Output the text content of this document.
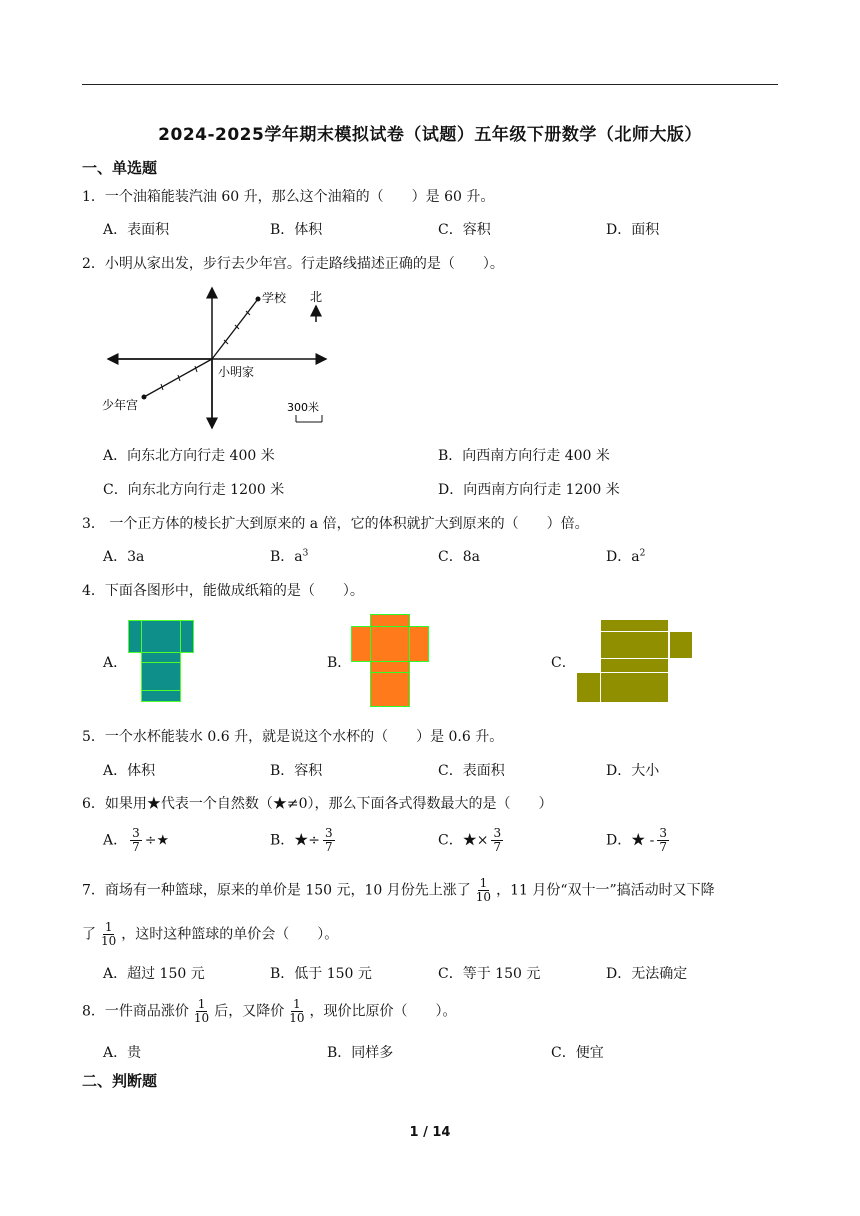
2024-2025学年期末模拟试卷（试题）五年级下册数学（北师大版）
一、单选题
1．一个油箱能装汽油 60 升，那么这个油箱的（　　）是 60 升。
A．表面积	B．体积	C．容积	D．面积
2．小明从家出发，步行去少年宫。行走路线描述正确的是（　　）。
学校 北
小明家
少年宫	300米
A．向东北方向行走 400 米	B．向西南方向行走 400 米
C．向东北方向行走 1200 米	D．向西南方向行走 1200 米
3． 一个正方体的棱长扩大到原来的 a 倍，它的体积就扩大到原来的（　　）倍。
A．3a	B．$a^3$	C．8a	D．$a^2$
4．下面各图形中，能做成纸箱的是（　　）。
A．	B．	C．
5．一个水杯能装水 0.6 升，就是说这个水杯的（　　）是 0.6 升。
A．体积	B．容积	C．表面积	D．大小
6．如果用★代表一个自然数（★≠0），那么下面各式得数最大的是（　　）
A． $\frac{3}{7}$ ÷★	B．★÷ $\frac{3}{7}$	C．★× $\frac{3}{7}$	D．★ - $\frac{3}{7}$
7．商场有一种篮球，原来的单价是 150 元，10 月份先上涨了 $\frac{1}{10}$ ，11 月份“双十一”搞活动时又下降
了 $\frac{1}{10}$ ，这时这种篮球的单价会（　　）。
A．超过 150 元	B．低于 150 元	C．等于 150 元	D．无法确定
8．一件商品涨价 $\frac{1}{10}$ 后，又降价 $\frac{1}{10}$ ，现价比原价（　　）。
A．贵	B．同样多	C．便宜
二、判断题
1 / 14
